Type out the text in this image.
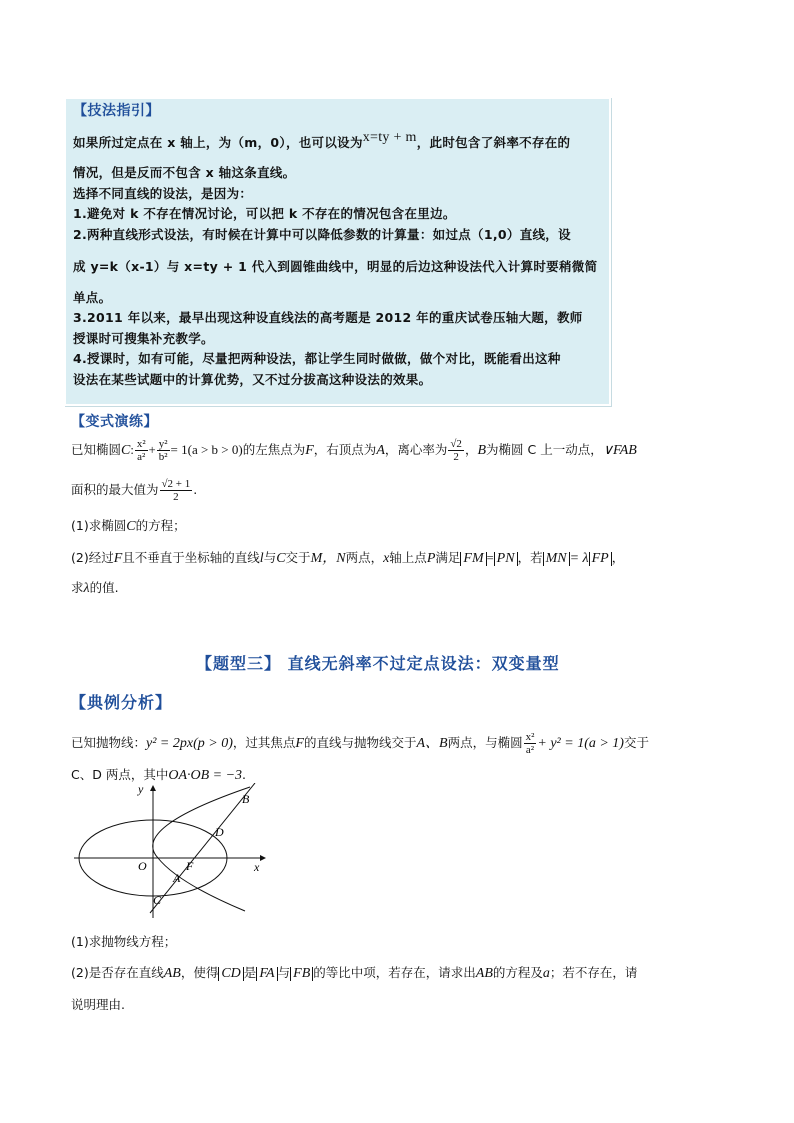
【技法指引】
如果所过定点在 x 轴上，为（m，0），也可以设为x=ty + m，此时包含了斜率不存在的
情况，但是反而不包含 x 轴这条直线。
选择不同直线的设法，是因为：
1.避免对 k 不存在情况讨论，可以把 k 不存在的情况包含在里边。
2.两种直线形式设法，有时候在计算中可以降低参数的计算量：如过点（1,0）直线，设
成 y=k（x-1）与 x=ty + 1 代入到圆锥曲线中，明显的后边这种设法代入计算时要稍微简
单点。
3.2011 年以来，最早出现这种设直线法的高考题是 2012 年的重庆试卷压轴大题，教师
授课时可搜集补充教学。
4.授课时，如有可能，尽量把两种设法，都让学生同时做做，做个对比，既能看出这种
设法在某些试题中的计算优势，又不过分拔高这种设法的效果。
【变式演练】
已知椭圆C: $\frac{\text{x²}}{\text{a²}} + \frac{\text{y²}}{\text{b²}} = 1(a > b > 0)$的左焦点为F，右顶点为A，离心率为 $\frac{√2}{2}$ ，B为椭圆 C 上一动点，∨FAB
面积的最大值为 $\frac{√2 + 1}{2}$ .
(1)求椭圆C的方程；
(2)经过F且不垂直于坐标轴的直线l与C交于M，N两点，x轴上点P满足 FM = PN ，若 MN = λ FP ，
求λ的值.
【题型三】 直线无斜率不过定点设法：双变量型
【典例分析】
已知抛物线：y² = 2px(p > 0)，过其焦点F的直线与抛物线交于A、B两点，与椭圆 $\frac{\text{x²}}{\text{a²}} + y^2 = 1(a > 1)$交于
C、D 两点，其中OA·OB = −3.
y
x
O	F
A
B
C
D
(1)求抛物线方程；
(2)是否存在直线AB，使得 CD 是 FA 与 FB 的等比中项，若存在，请求出AB的方程及a；若不存在，请
说明理由.
